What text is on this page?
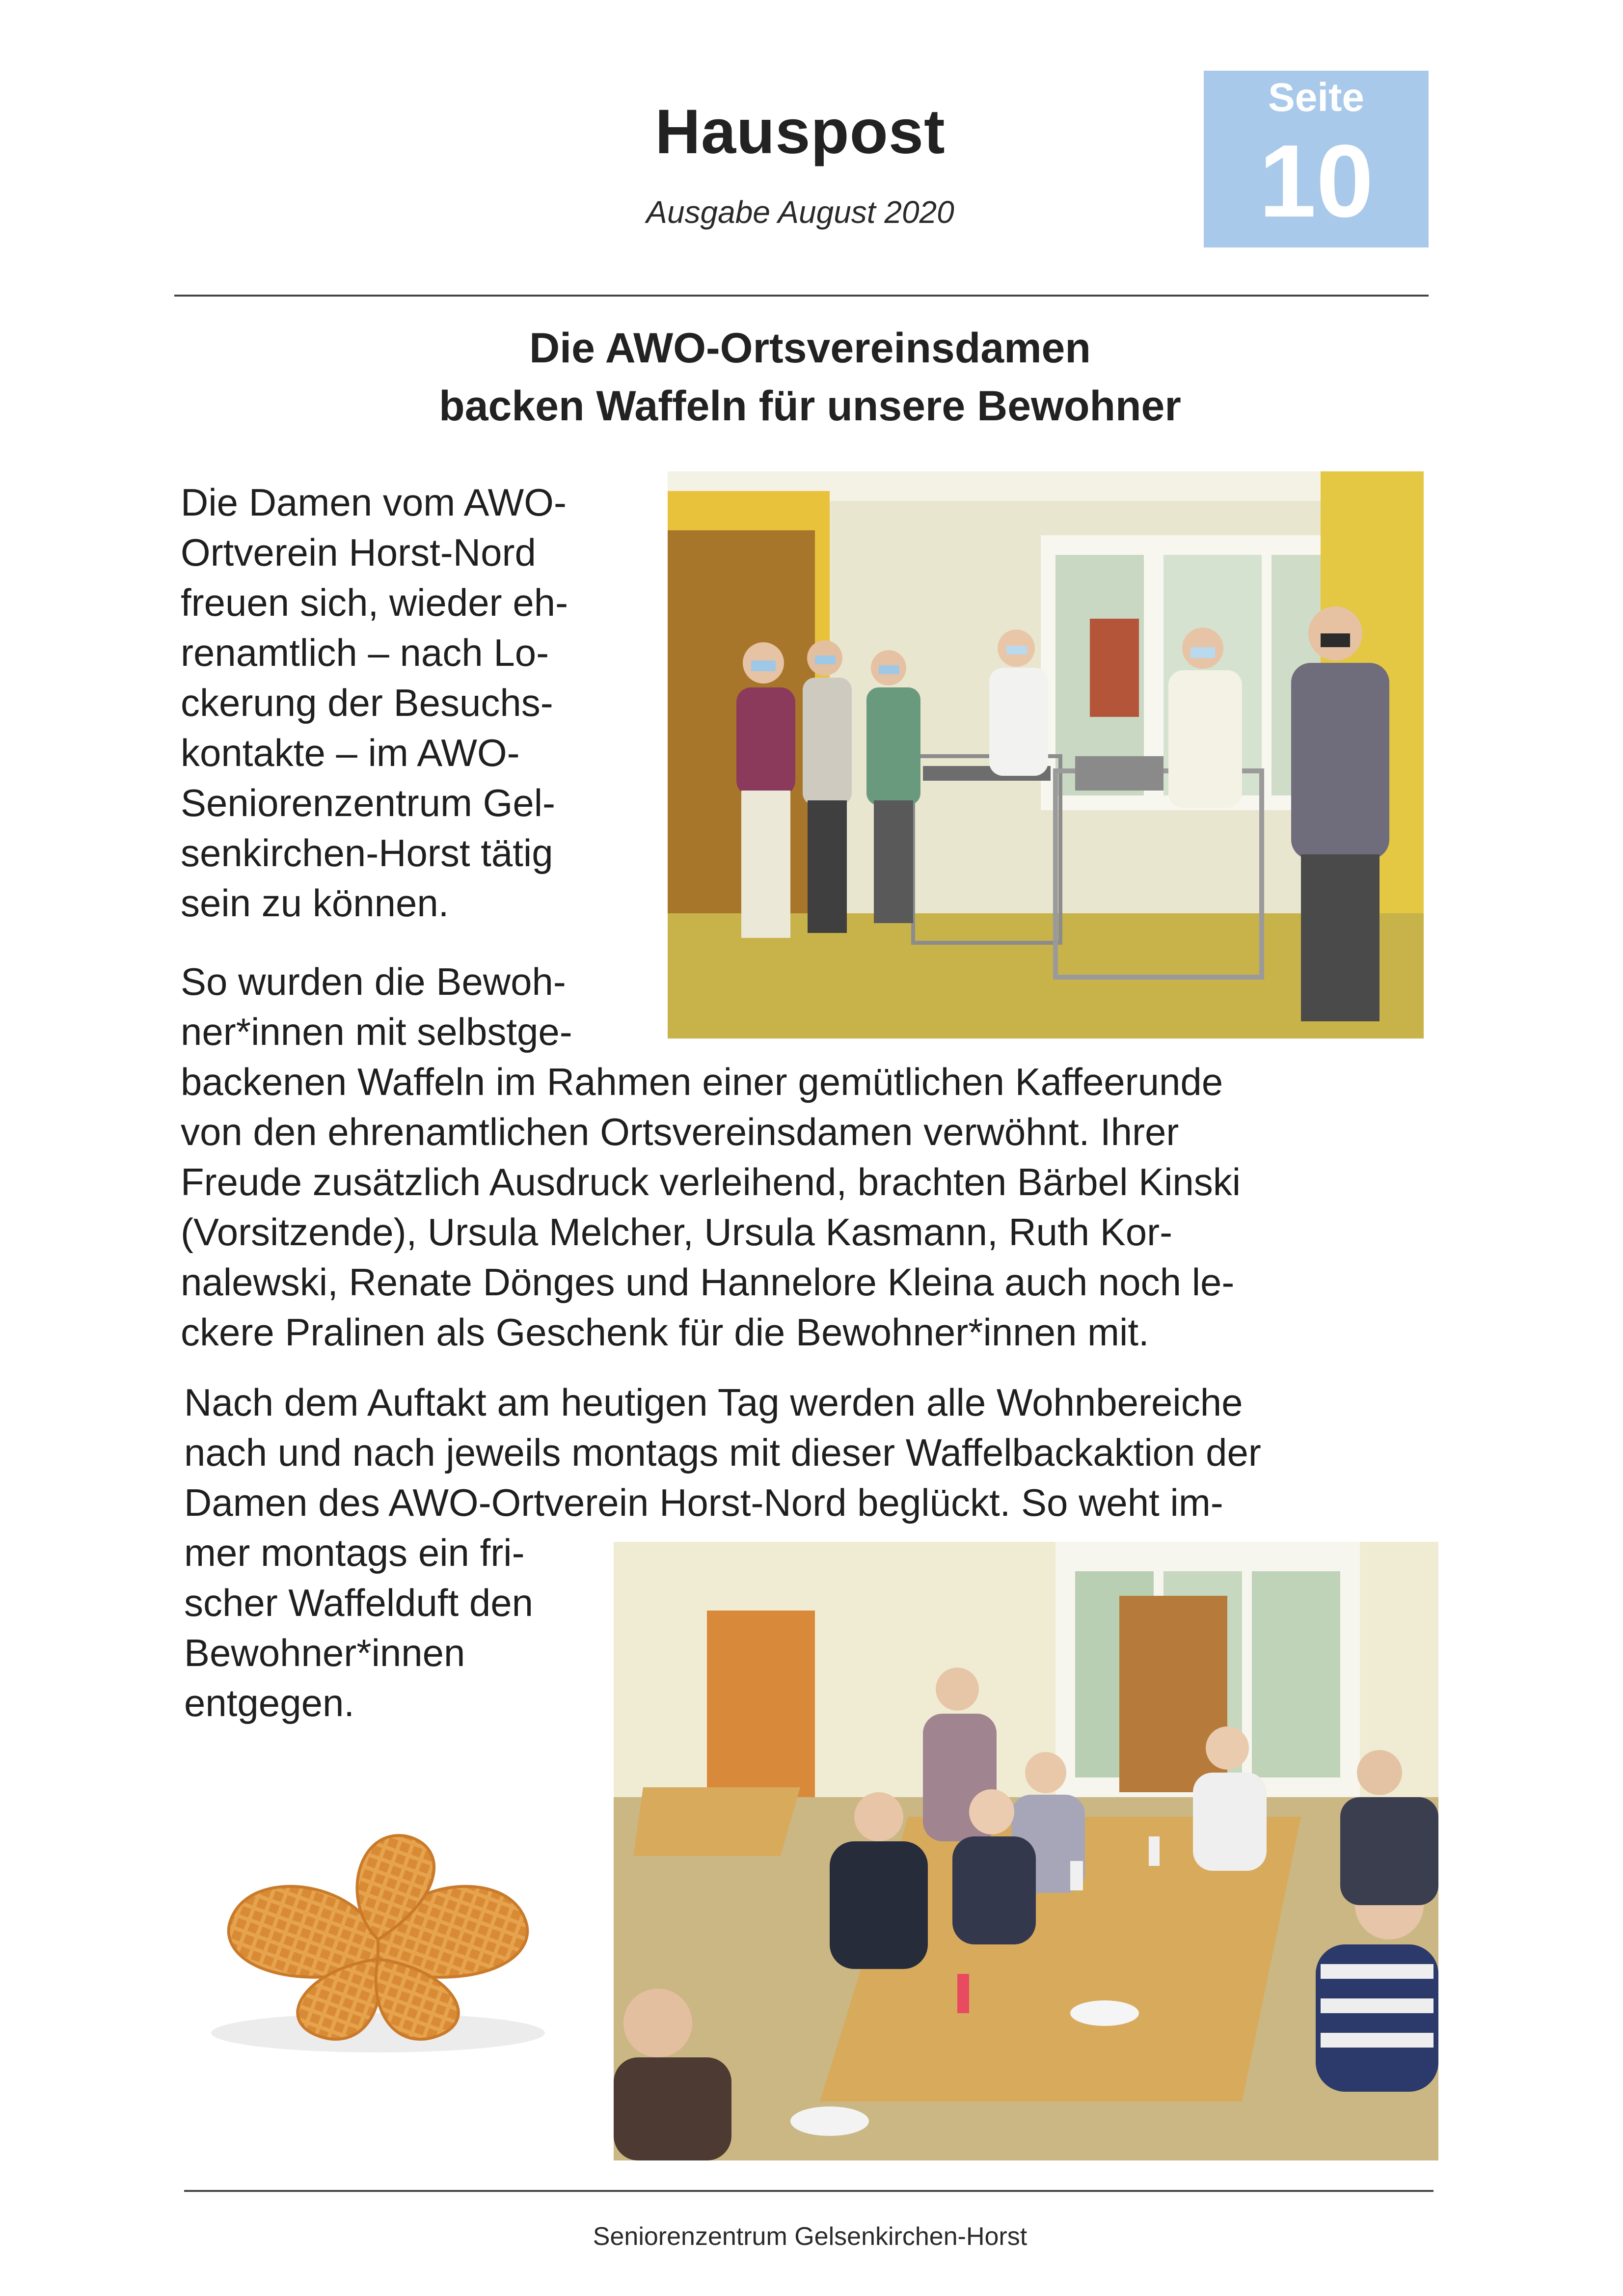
Hauspost
Ausgabe August 2020
Seite
10
Die AWO-Ortsvereinsdamen
backen Waffeln für unsere Bewohner

Die Damen vom AWO-

Ortverein Horst-Nord

freuen sich, wieder eh-

renamtlich – nach Lo-

ckerung der Besuchs-

kontakte – im AWO-

Seniorenzentrum Gel-

senkirchen-Horst tätig

sein zu können.

So wurden die Bewoh-

ner*innen mit selbstge-

backenen Waffeln im Rahmen einer gemütlichen Kaffeerunde

von den ehrenamtlichen Ortsvereinsdamen verwöhnt. Ihrer

Freude zusätzlich Ausdruck verleihend, brachten Bärbel Kinski

(Vorsitzende), Ursula Melcher, Ursula Kasmann, Ruth Kor-

nalewski, Renate Dönges und Hannelore Kleina auch noch le-

ckere Pralinen als Geschenk für die Bewohner*innen mit.

Nach dem Auftakt am heutigen Tag werden alle Wohnbereiche

nach und nach jeweils montags mit dieser Waffelbackaktion der

Damen des AWO-Ortverein Horst-Nord beglückt. So weht im-

mer montags ein fri-

scher Waffelduft den

Bewohner*innen

entgegen.

Seniorenzentrum Gelsenkirchen-Horst
